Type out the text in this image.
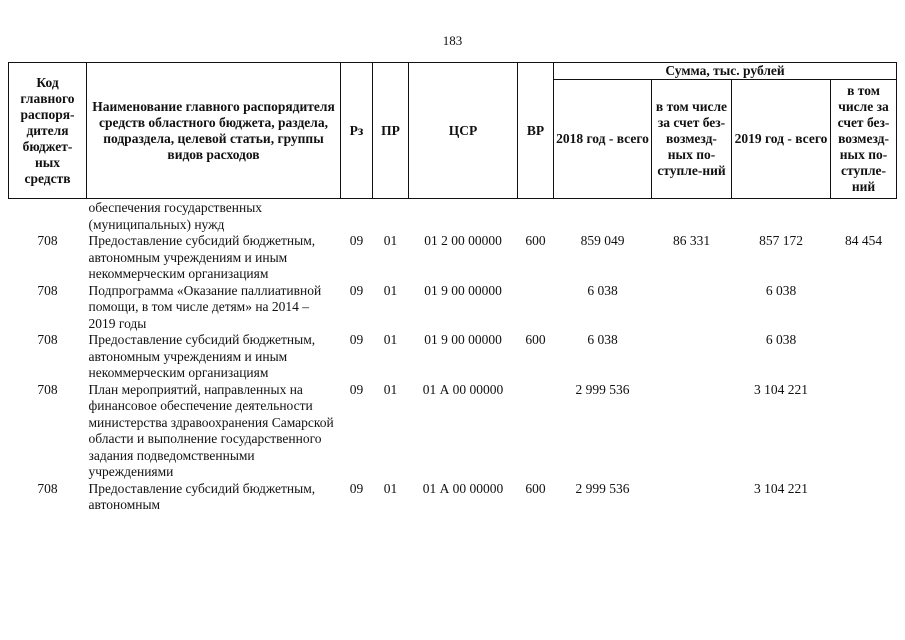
183
Код главного распоря-дителя бюджет-ных средств	Наименование главного распорядителя средств областного бюджета, раздела, подраздела, целевой статьи, группы видов расходов	Рз	ПР	ЦСР	ВР	Сумма, тыс. рублей			
						2018 год - всего	в том числе за счет без-возмезд-ных по-ступле-ний	2019 год - всего	в том числе за счет без-возмезд-ных по-ступле-ний
	обеспечения государственных (муниципальных) нужд								
708	Предоставление субсидий бюджетным, автономным учреждениям и иным некоммерческим организациям	09	01	01 2 00 00000	600	859 049	86 331	857 172	84 454
708	Подпрограмма «Оказание паллиативной помощи, в том числе детям» на 2014 – 2019 годы	09	01	01 9 00 00000		6 038		6 038	
708	Предоставление субсидий бюджетным, автономным учреждениям и иным некоммерческим организациям	09	01	01 9 00 00000	600	6 038		6 038	
708	План мероприятий, направленных на финансовое обеспечение деятельности министерства здравоохранения Самарской области и выполнение государственного задания подведомственными учреждениями	09	01	01 А 00 00000		2 999 536		3 104 221	
708	Предоставление субсидий бюджетным, автономным	09	01	01 А 00 00000	600	2 999 536		3 104 221	
